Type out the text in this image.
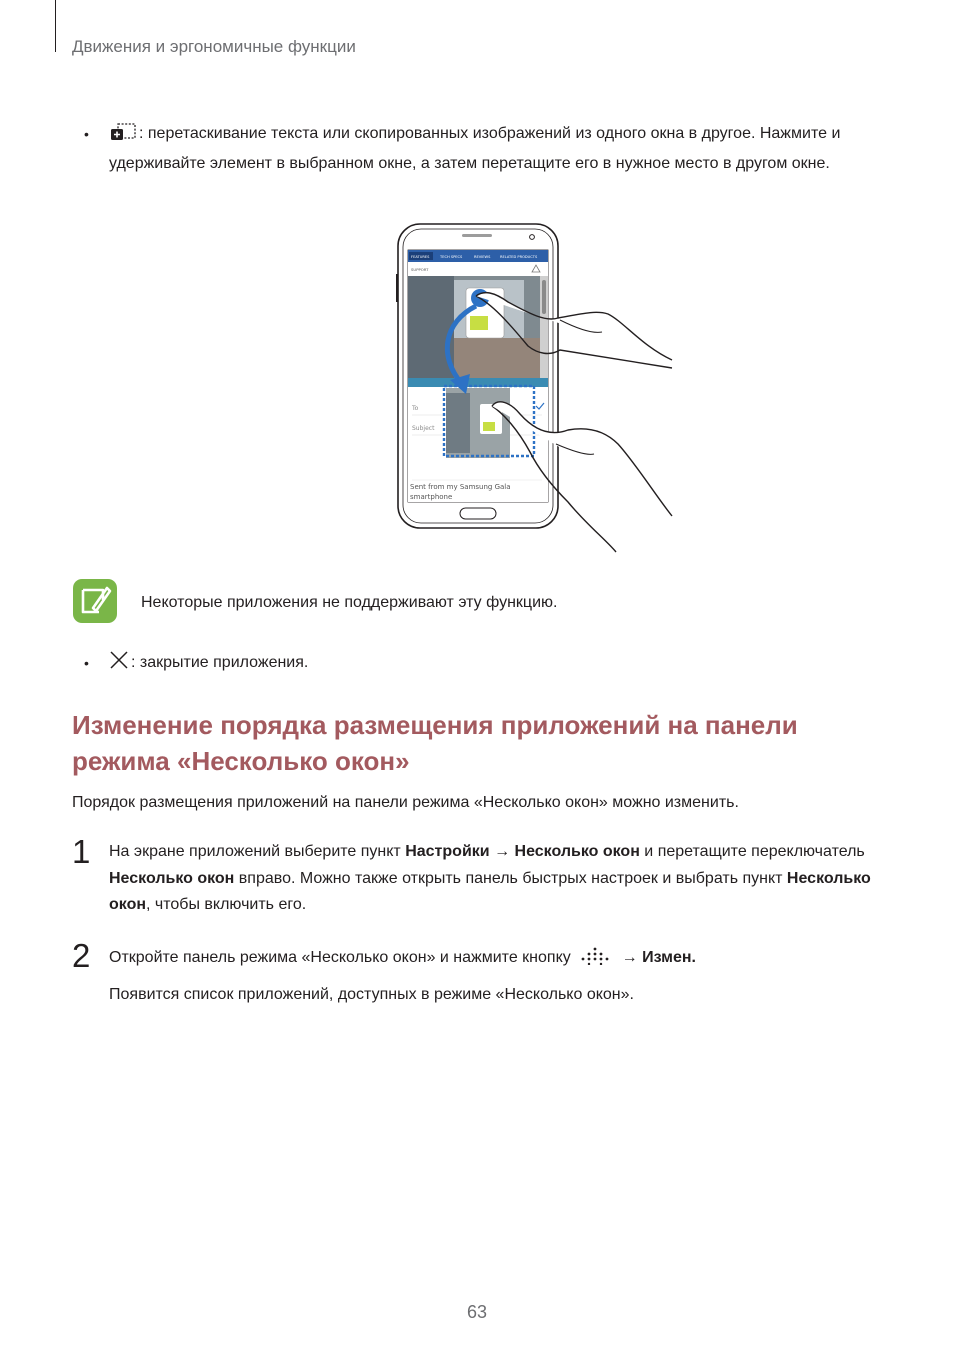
Движения и эргономичные функции
•	: перетаскивание текста или скопированных изображений из одного окна в другое. Нажмите и удерживайте элемент в выбранном окне, а затем перетащите его в нужное место в другом окне.
FEATURES	TECH SPECS	REVIEWS	RELATED PRODUCTS
SUPPORT
To
Subject
Sent from my Samsung Gala
smartphone
Некоторые приложения не поддерживают эту функцию.
•	: закрытие приложения.
Изменение порядка размещения приложений на панели режима «Несколько окон»
Порядок размещения приложений на панели режима «Несколько окон» можно изменить.
1 На экране приложений выберите пункт Настройки → Несколько окон и перетащите переключатель Несколько окон вправо. Можно также открыть панель быстрых настроек и выбрать пункт Несколько окон, чтобы включить его.
2 Откройте панель режима «Несколько окон» и нажмите кнопку	→ Измен.
Появится список приложений, доступных в режиме «Несколько окон».
63
